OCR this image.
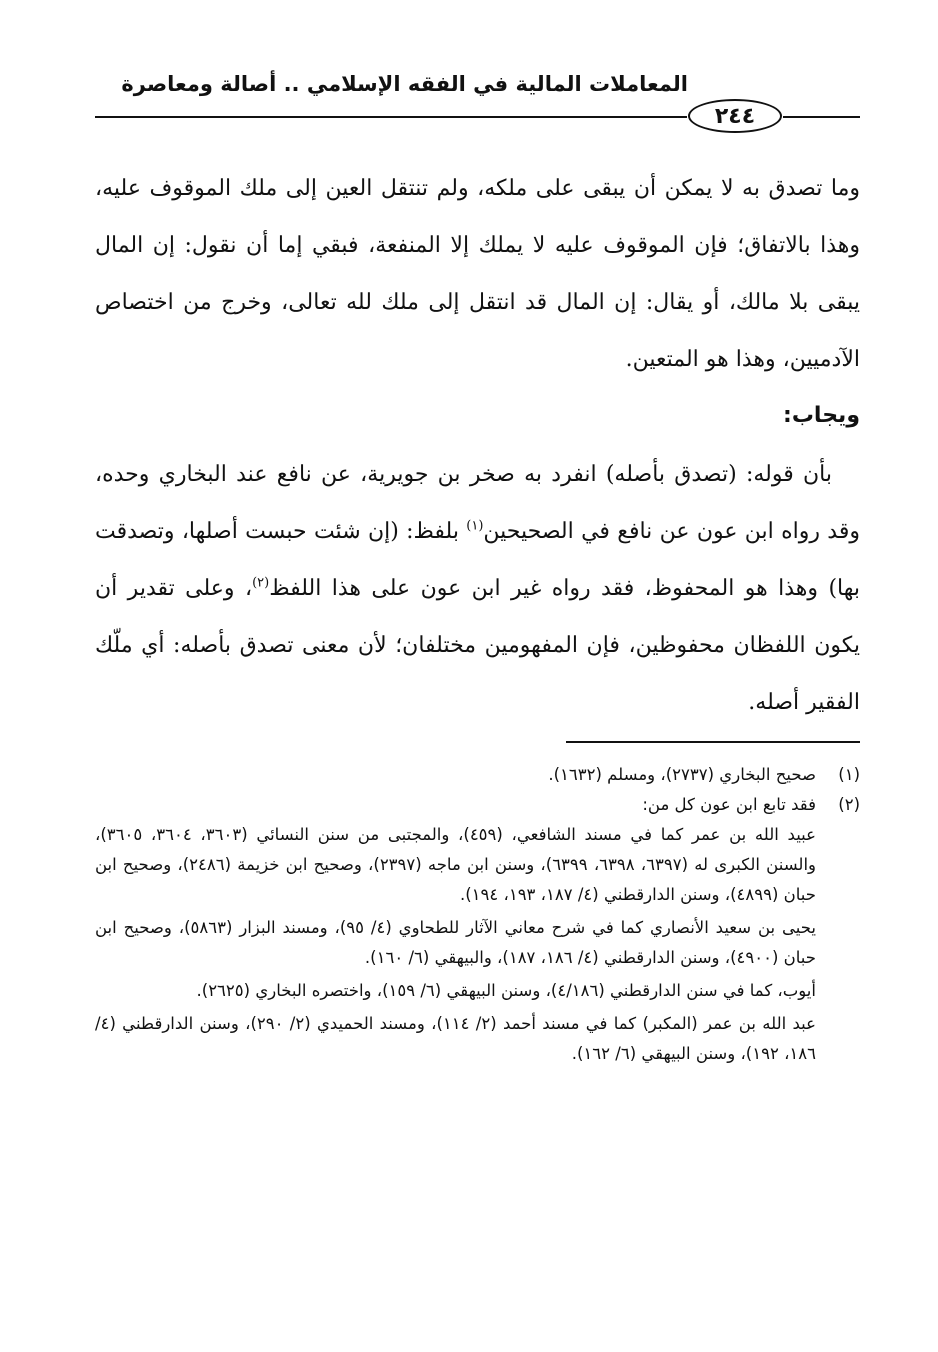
المعاملات المالية في الفقه الإسلامي .. أصالة ومعاصرة
٢٤٤

وما تصدق به لا يمكن أن يبقى على ملكه، ولم تنتقل العين إلى ملك الموقوف عليه، وهذا بالاتفاق؛ فإن الموقوف عليه لا يملك إلا المنفعة، فبقي إما أن نقول: إن المال يبقى بلا مالك، أو يقال: إن المال قد انتقل إلى ملك لله تعالى، وخرج من اختصاص الآدميين، وهذا هو المتعين.

ويجاب:

بأن قوله: (تصدق بأصله) انفرد به صخر بن جويرية، عن نافع عند البخاري وحده، وقد رواه ابن عون عن نافع في الصحيحين$^{(١)}$ بلفظ: (إن شئت حبست أصلها، وتصدقت بها) وهذا هو المحفوظ، فقد رواه غير ابن عون على هذا اللفظ$^{(٢)}$، وعلى تقدير أن يكون اللفظان محفوظين، فإن المفهومين مختلفان؛ لأن معنى تصدق بأصله: أي ملّك الفقير أصله.

(١)صحيح البخاري (٢٧٣٧)، ومسلم (١٦٣٢).

(٢)فقد تابع ابن عون كل من:

عبيد الله بن عمر كما في مسند الشافعي، (٤٥٩)، والمجتبى من سنن النسائي (٣٦٠٣، ٣٦٠٤، ٣٦٠٥)، والسنن الكبرى له (٦٣٩٧، ٦٣٩٨، ٦٣٩٩)، وسنن ابن ماجه (٢٣٩٧)، وصحيح ابن خزيمة (٢٤٨٦)، وصحيح ابن حبان (٤٨٩٩)، وسنن الدارقطني (٤/ ١٨٧، ١٩٣، ١٩٤).

يحيى بن سعيد الأنصاري كما في شرح معاني الآثار للطحاوي (٤/ ٩٥)، ومسند البزار (٥٨٦٣)، وصحيح ابن حبان (٤٩٠٠)، وسنن الدارقطني (٤/ ١٨٦، ١٨٧)، والبيهقي (٦/ ١٦٠).

أيوب، كما في سنن الدارقطني (٤/١٨٦)، وسنن البيهقي (٦/ ١٥٩)، واختصره البخاري (٢٦٢٥).

عبد الله بن عمر (المكبر) كما في مسند أحمد (٢/ ١١٤)، ومسند الحميدي (٢/ ٢٩٠)، وسنن الدارقطني (٤/ ١٨٦، ١٩٢)، وسنن البيهقي (٦/ ١٦٢).
